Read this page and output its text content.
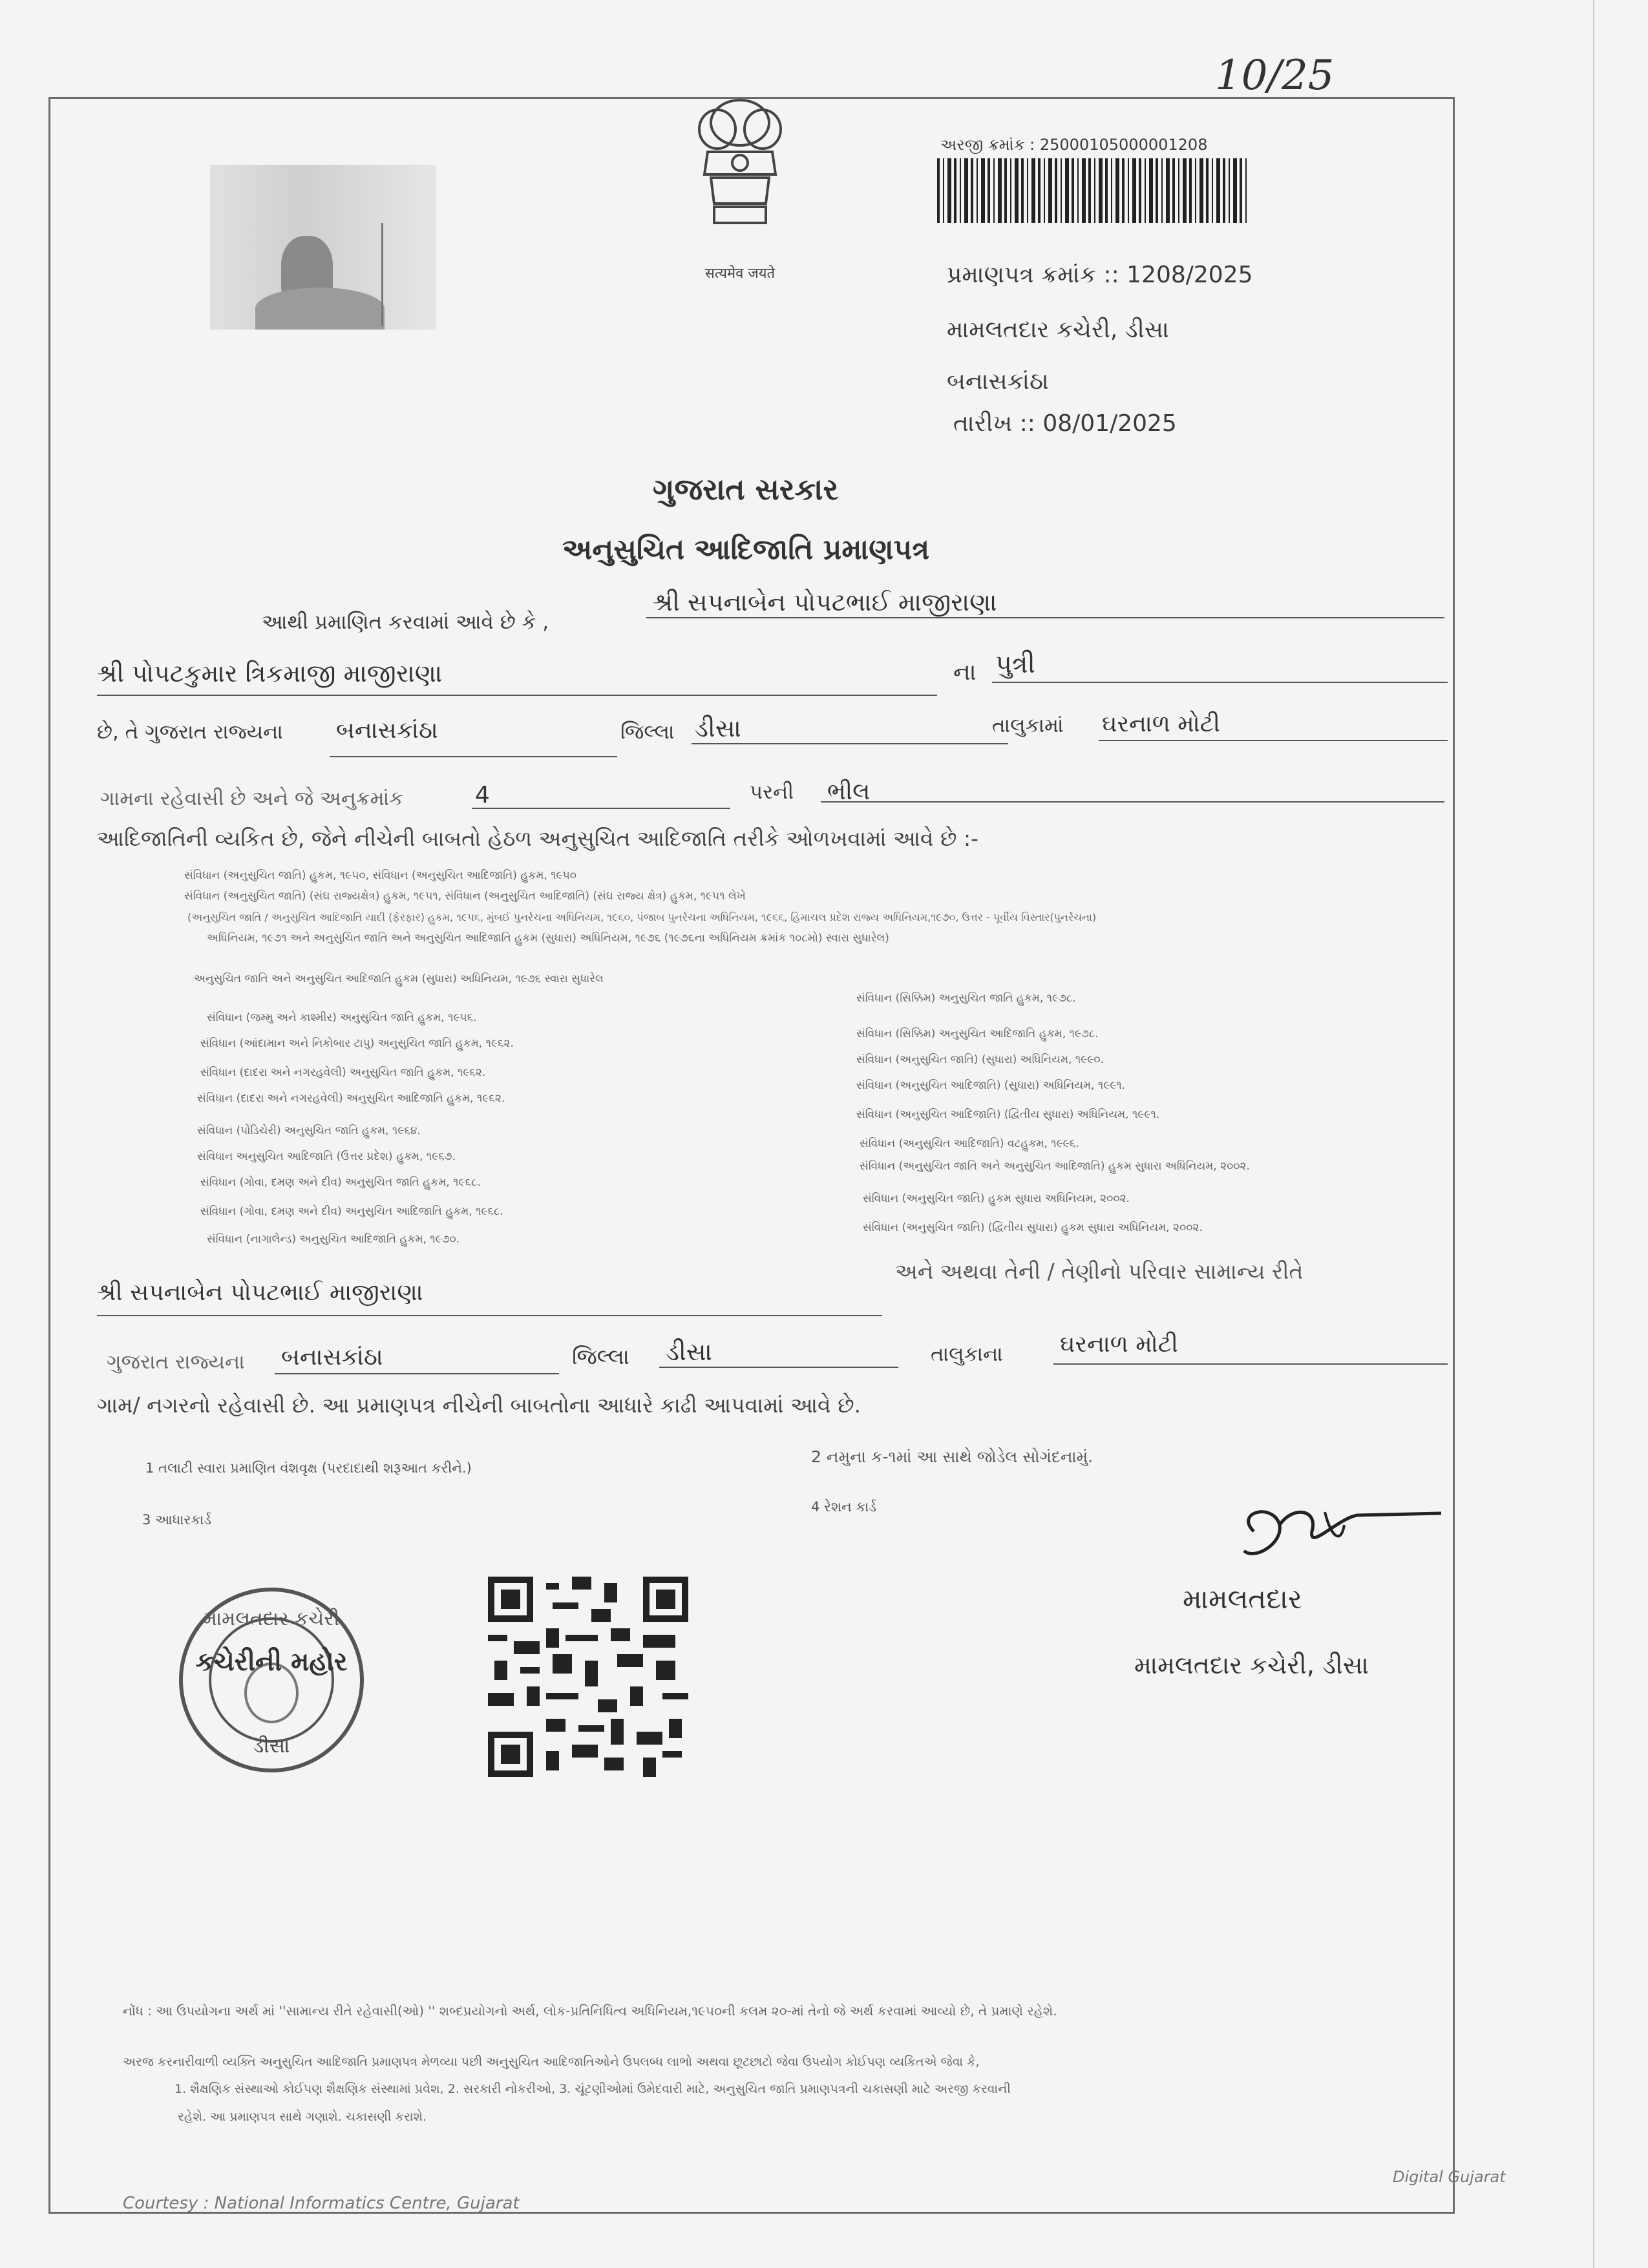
10/25
सत्यमेव जयते
અરજી ક્રમાંક : 25000105000001208
પ્રમાણપત્ર ક્રમાંક :: 1208/2025
મામલતદાર કચેરી, ડીસા
બનાસકાંઠા
તારીખ :: 08/01/2025
ગુજરાત સરકાર
અનુસુચિત આદિજાતિ પ્રમાણપત્ર
આથી પ્રમાણિત કરવામાં આવે છે કે ,
શ્રી સપનાબેન પોપટભાઈ માજીરાણા
શ્રી પોપટકુમાર ત્રિકમાજી માજીરાણા	ના પુત્રી
છે, તે ગુજરાત રાજ્યના બનાસકાંઠા	જિલ્લા ડીસા	તાલુકામાં ઘરનાળ મોટી
ગામના રહેવાસી છે અને જે અનુક્રમાંક	4	પરની ભીલ
આદિજાતિની વ્યકિત છે, જેને નીચેની બાબતો હેઠળ અનુસુચિત આદિજાતિ તરીકે ઓળખવામાં આવે છે :-
સંવિધાન (અનુસુચિત જાતિ) હુકમ, ૧૯૫૦, સંવિધાન (અનુસુચિત આદિજાતિ) હુકમ, ૧૯૫૦
સંવિધાન (અનુસુચિત જાતિ) (સંઘ રાજ્યક્ષેત્ર) હુકમ, ૧૯૫૧, સંવિધાન (અનુસુચિત આદિજાતિ) (સંઘ રાજ્ય ક્ષેત્ર) હુકમ, ૧૯૫૧ લેખે
(અનુસુચિત જાતિ / અનુસુચિત આદિજાતિ યાદી (ફેરફાર) હુકમ, ૧૯૫૬, મુંબઈ પુનર્રચના અધિનિયમ, ૧૯૬૦, પંજાબ પુનર્રચના અધિનિયમ, ૧૯૬૬, હિમાચલ પ્રદેશ રાજ્ય અધિનિયમ,૧૯૭૦, ઉત્તર - પૂર્વીય વિસ્તાર(પુનર્રચના)
અધિનિયમ, ૧૯૭૧ અને અનુસુચિત જાતિ અને અનુસુચિત આદિજાતિ હુકમ (સુધારા) અધિનિયમ, ૧૯૭૬ (૧૯૭૬ના અધિનિયમ ક્રમાંક ૧૦૮મો) સ્વારા સુધારેલ)
અનુસુચિત જાતિ અને અનુસુચિત આદિજાતિ હુકમ (સુધારા) અધિનિયમ, ૧૯૭૬ સ્વારા સુધારેલ
સંવિધાન (જમ્મુ અને કાશ્મીર) અનુસુચિત જાતિ હુકમ, ૧૯૫૬.
સંવિધાન (આંદામાન અને નિકોબાર ટાપુ) અનુસુચિત જાતિ હુકમ, ૧૯૬૨.
સંવિધાન (દાદરા અને નગરહવેલી) અનુસુચિત જાતિ હુકમ, ૧૯૬૨.
સંવિધાન (દાદરા અને નગરહવેલી) અનુસુચિત આદિજાતિ હુકમ, ૧૯૬૨.
સંવિધાન (પોંડિચેરી) અનુસુચિત જાતિ હુકમ, ૧૯૬૪.
સંવિધાન અનુસુચિત આદિજાતિ (ઉત્તર પ્રદેશ) હુકમ, ૧૯૬૭.
સંવિધાન (ગોવા, દમણ અને દીવ) અનુસુચિત જાતિ હુકમ, ૧૯૬૮.
સંવિધાન (ગોવા, દમણ અને દીવ) અનુસુચિત આદિજાતિ હુકમ, ૧૯૬૮.
સંવિધાન (નાગાલેન્ડ) અનુસુચિત આદિજાતિ હુકમ, ૧૯૭૦.
સંવિધાન (સિક્કિમ) અનુસુચિત જાતિ હુકમ, ૧૯૭૮.
સંવિધાન (સિક્કિમ) અનુસુચિત આદિજાતિ હુકમ, ૧૯૭૮.
સંવિધાન (અનુસુચિત જાતિ) (સુધારા) અધિનિયમ, ૧૯૯૦.
સંવિધાન (અનુસુચિત આદિજાતિ) (સુધારા) અધિનિયમ, ૧૯૯૧.
સંવિધાન (અનુસુચિત આદિજાતિ) (દ્વિતીય સુધારા) અધિનિયમ, ૧૯૯૧.
સંવિધાન (અનુસુચિત આદિજાતિ) વટહુકમ, ૧૯૯૬.
સંવિધાન (અનુસુચિત જાતિ અને અનુસુચિત આદિજાતિ) હુકમ સુધારા અધિનિયમ, ૨૦૦૨.
સંવિધાન (અનુસુચિત જાતિ) હુકમ સુધારા અધિનિયમ, ૨૦૦૨.
સંવિધાન (અનુસુચિત જાતિ) (દ્વિતીય સુધારા) હુકમ સુધારા અધિનિયમ, ૨૦૦૨.
અને અથવા તેની / તેણીનો પરિવાર સામાન્ય રીતે
શ્રી સપનાબેન પોપટભાઈ માજીરાણા
ગુજરાત રાજ્યના બનાસકાંઠા	જિલ્લા ડીસા	તાલુકાના ઘરનાળ મોટી
ગામ/ નગરનો રહેવાસી છે. આ પ્રમાણપત્ર નીચેની બાબતોના આધારે કાઢી આપવામાં આવે છે.
1 તલાટી સ્વારા પ્રમાણિત વંશવૃક્ષ (પરદાદાથી શરૂઆત કરીને.)
2 નમુના ક-૧માં આ સાથે જોડેલ સોગંદનામું.
3 આધારકાર્ડ
4 રેશન કાર્ડ
મામલતદાર
મામલતદાર કચેરી, ડીસા
મામલતદાર કચેરી
કચેરીની મહોર
ડીસા
નોંધ : આ ઉપયોગના અર્થ માં ''સામાન્ય રીતે રહેવાસી(ઓ) '' શબ્દપ્રયોગનો અર્થ, લોક-પ્રતિનિધિત્વ અધિનિયમ,૧૯૫૦ની કલમ ૨૦-માં તેનો જે અર્થ કરવામાં આવ્યો છે, તે પ્રમાણે રહેશે.
અરજ કરનારીવાળી વ્યક્તિ અનુસુચિત આદિજાતિ પ્રમાણપત્ર મેળવ્યા પછી અનુસુચિત આદિજાતિઓને ઉપલબ્ધ લાભો અથવા છૂટછાટો જેવા ઉપયોગ કોઈપણ વ્યકિતએ જેવા કે,
1. શૈક્ષણિક સંસ્થાઓ કોઈપણ શૈક્ષણિક સંસ્થામાં પ્રવેશ, 2. સરકારી નોકરીઓ, 3. ચૂંટણીઓમાં ઉમેદવારી માટે, અનુસુચિત જાતિ પ્રમાણપત્રની ચકાસણી માટે અરજી કરવાની
રહેશે. આ પ્રમાણપત્ર સાથે ગણાશે. ચકાસણી કરાશે.
Courtesy : National Informatics Centre, Gujarat
Digital Gujarat
